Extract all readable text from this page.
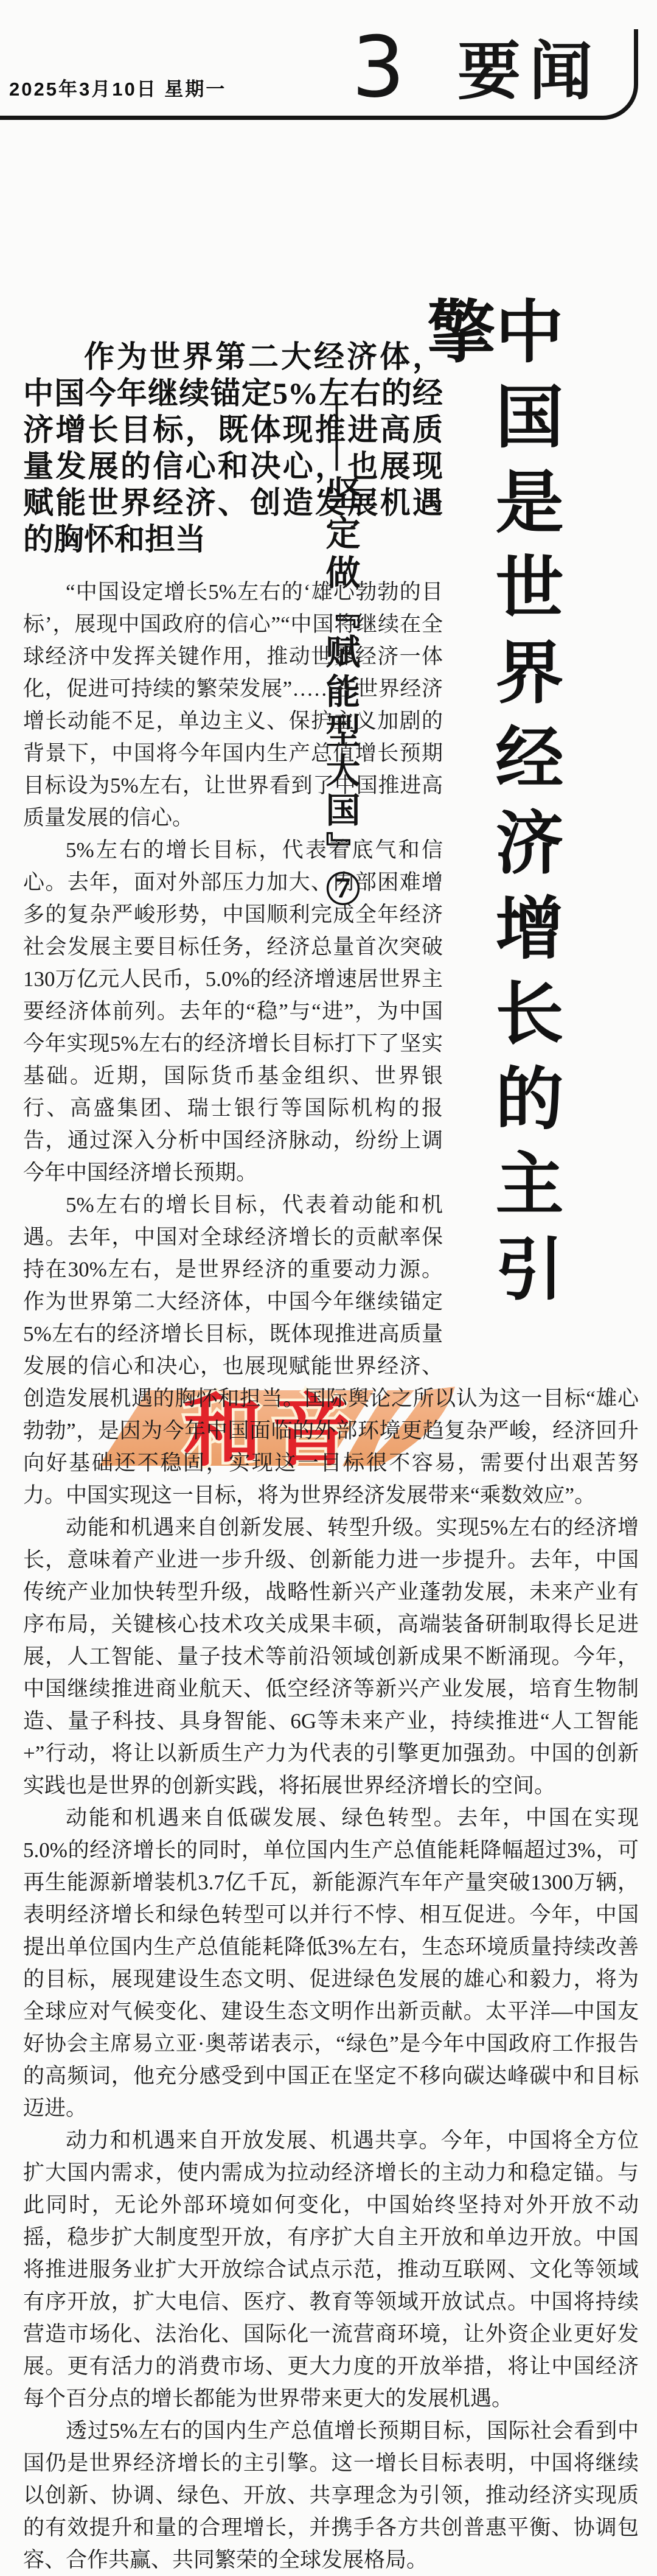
2025年3月10日 星期一 3 要闻
——坚定做『赋能型大国』⑦	中国是世界经济增长的主引擎
和音

作为世界第二大经济体，中国今年继续锚定5%左右的经济增长目标，既体现推进高质量发展的信心和决心，也展现赋能世界经济、创造发展机遇的胸怀和担当

“中国设定增长5%左右的‘雄心勃勃的目标’，展现中国政府的信心”“中国将继续在全球经济中发挥关键作用，推动世界经济一体化，促进可持续的繁荣发展”……在世界经济增长动能不足，单边主义、保护主义加剧的背景下，中国将今年国内生产总值增长预期目标设为5%左右，让世界看到了中国推进高质量发展的信心。

5%左右的增长目标，代表着底气和信心。去年，面对外部压力加大、内部困难增多的复杂严峻形势，中国顺利完成全年经济社会发展主要目标任务，经济总量首次突破130万亿元人民币，5.0%的经济增速居世界主要经济体前列。去年的“稳”与“进”，为中国今年实现5%左右的经济增长目标打下了坚实基础。近期，国际货币基金组织、世界银行、高盛集团、瑞士银行等国际机构的报告，通过深入分析中国经济脉动，纷纷上调今年中国经济增长预期。

5%左右的增长目标，代表着动能和机遇。去年，中国对全球经济增长的贡献率保持在30%左右，是世界经济的重要动力源。作为世界第二大经济体，中国今年继续锚定5%左右的经济增长目标，既体现推进高质量发展的信心和决心，也展现赋能世界经济、创造发展机遇的胸怀和担当。国际舆论之所以认为这一目标“雄心勃勃”，是因为今年中国面临的外部环境更趋复杂严峻，经济回升向好基础还不稳固，实现这一目标很不容易，需要付出艰苦努力。中国实现这一目标，将为世界经济发展带来“乘数效应”。

动能和机遇来自创新发展、转型升级。实现5%左右的经济增长，意味着产业进一步升级、创新能力进一步提升。去年，中国传统产业加快转型升级，战略性新兴产业蓬勃发展，未来产业有序布局，关键核心技术攻关成果丰硕，高端装备研制取得长足进展，人工智能、量子技术等前沿领域创新成果不断涌现。今年，中国继续推进商业航天、低空经济等新兴产业发展，培育生物制造、量子科技、具身智能、6G等未来产业，持续推进“人工智能+”行动，将让以新质生产力为代表的引擎更加强劲。中国的创新实践也是世界的创新实践，将拓展世界经济增长的空间。

动能和机遇来自低碳发展、绿色转型。去年，中国在实现5.0%的经济增长的同时，单位国内生产总值能耗降幅超过3%，可再生能源新增装机3.7亿千瓦，新能源汽车年产量突破1300万辆，表明经济增长和绿色转型可以并行不悖、相互促进。今年，中国提出单位国内生产总值能耗降低3%左右，生态环境质量持续改善的目标，展现建设生态文明、促进绿色发展的雄心和毅力，将为全球应对气候变化、建设生态文明作出新贡献。太平洋—中国友好协会主席易立亚·奥蒂诺表示，“绿色”是今年中国政府工作报告的高频词，他充分感受到中国正在坚定不移向碳达峰碳中和目标迈进。

动力和机遇来自开放发展、机遇共享。今年，中国将全方位扩大国内需求，使内需成为拉动经济增长的主动力和稳定锚。与此同时，无论外部环境如何变化，中国始终坚持对外开放不动摇，稳步扩大制度型开放，有序扩大自主开放和单边开放。中国将推进服务业扩大开放综合试点示范，推动互联网、文化等领域有序开放，扩大电信、医疗、教育等领域开放试点。中国将持续营造市场化、法治化、国际化一流营商环境，让外资企业更好发展。更有活力的消费市场、更大力度的开放举措，将让中国经济每个百分点的增长都能为世界带来更大的发展机遇。

透过5%左右的国内生产总值增长预期目标，国际社会看到中国仍是世界经济增长的主引擎。这一增长目标表明，中国将继续以创新、协调、绿色、开放、共享理念为引领，推动经济实现质的有效提升和量的合理增长，并携手各方共创普惠平衡、协调包容、合作共赢、共同繁荣的全球发展格局。
